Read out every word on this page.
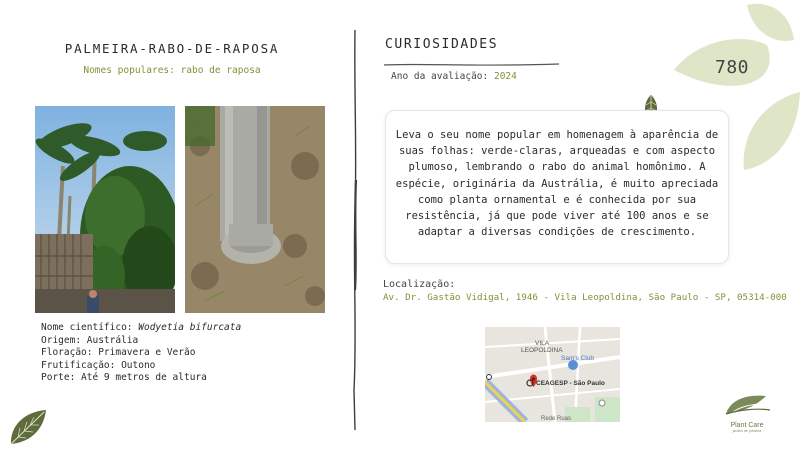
PALMEIRA-RABO-DE-RAPOSA
Nomes populares: rabo de raposa
Nome científico: Wodyetia bifurcata
Origem: Austrália
Floração: Primavera e Verão
Frutificação: Outono
Porte: Até 9 metros de altura
CURIOSIDADES
Ano da avaliação: 2024	780
Leva o seu nome popular em homenagem à aparência de suas folhas: verde-claras, arqueadas e com aspecto plumoso, lembrando o rabo do animal homônimo. A espécie, originária da Austrália, é muito apreciada como planta ornamental e é conhecida por sua resistência, já que pode viver até 100 anos e se adaptar a diversas condições de crescimento.
Localização:
Av. Dr. Gastão Vidigal, 1946 - Vila Leopoldina, São Paulo - SP, 05314-000
VILA
LEOPOLDINA
Sam's Club
CEAGESP - São Paulo
Rede Ruas
Plant Care
jardins de primeira
